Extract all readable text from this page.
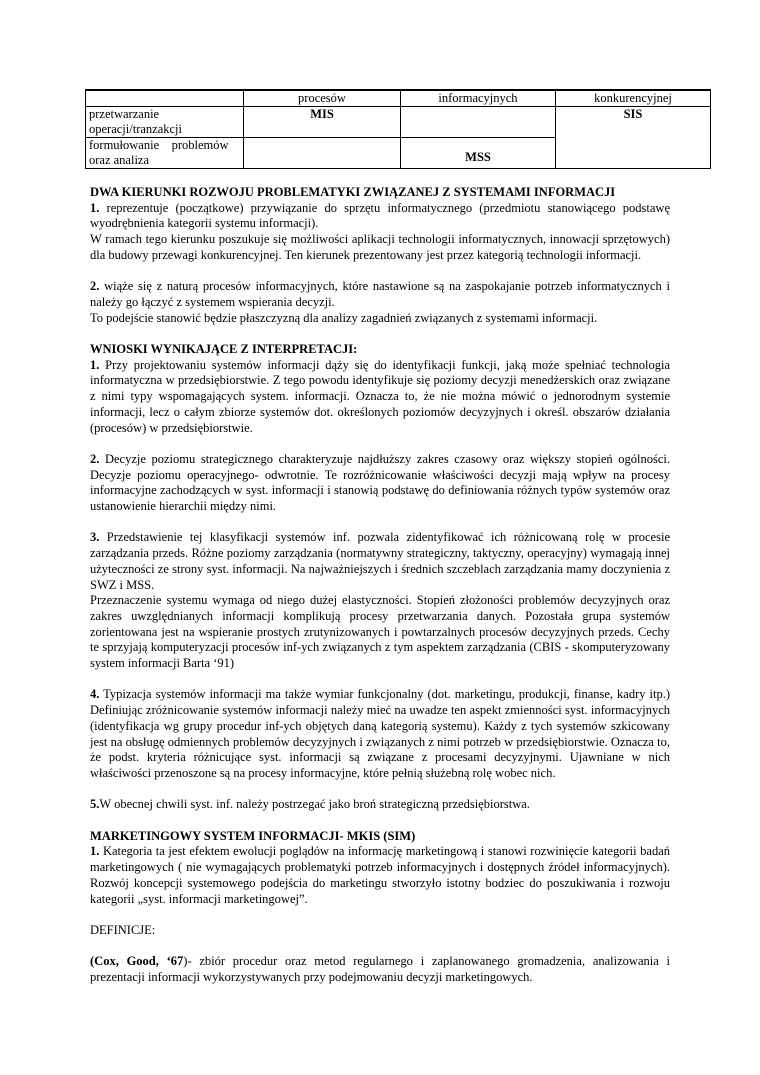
	procesów	informacyjnych	konkurencyjnej

przetwarzanie
operacji/tranzakcji	MIS		SIS

formułowanie    problemów
oraz analiza		MSS	

DWA KIERUNKI ROZWOJU PROBLEMATYKI ZWIĄZANEJ Z SYSTEMAMI INFORMACJI

1. reprezentuje (początkowe) przywiązanie do sprzętu informatycznego (przedmiotu stanowiącego podstawę wyodrębnienia kategorii systemu informacji).

W ramach tego kierunku poszukuje się możliwości aplikacji technologii informatycznych, innowacji sprzętowych) dla budowy przewagi konkurencyjnej. Ten kierunek prezentowany jest przez kategorią technologii informacji.

2. wiąże się z naturą procesów informacyjnych, które nastawione są na zaspokajanie potrzeb informatycznych i należy go łączyć z systemem wspierania decyzji.

To podejście stanowić będzie płaszczyzną dla analizy zagadnień związanych z systemami informacji.

WNIOSKI WYNIKAJĄCE Z INTERPRETACJI:

1. Przy projektowaniu systemów informacji dąży się do identyfikacji funkcji, jaką może spełniać technologia informatyczna w przedsiębiorstwie. Z tego powodu identyfikuje się poziomy decyzji menedżerskich oraz związane z nimi typy wspomagających system. informacji. Oznacza to, że nie można mówić o jednorodnym systemie informacji, lecz o całym zbiorze systemów dot. określonych poziomów decyzyjnych i określ. obszarów działania (procesów) w przedsiębiorstwie.

2. Decyzje poziomu strategicznego charakteryzuje najdłuższy zakres czasowy oraz większy stopień ogólności. Decyzje poziomu operacyjnego- odwrotnie. Te rozróżnicowanie właściwości decyzji mają wpływ na procesy informacyjne zachodzących w syst. informacji i stanowią podstawę do definiowania różnych typów systemów oraz ustanowienie hierarchii między nimi.

3. Przedstawienie tej klasyfikacji systemów inf. pozwala zidentyfikować ich różnicowaną rolę w procesie zarządzania przeds. Różne poziomy zarządzania (normatywny strategiczny, taktyczny, operacyjny) wymagają innej użyteczności ze strony syst. informacji. Na najważniejszych i średnich szczeblach zarządzania mamy doczynienia z SWZ i MSS.

Przeznaczenie systemu wymaga od niego dużej elastyczności. Stopień złożoności problemów decyzyjnych oraz zakres uwzględnianych informacji komplikują procesy przetwarzania danych. Pozostała grupa systemów zorientowana jest na wspieranie prostych zrutynizowanych i powtarzalnych procesów decyzyjnych przeds. Cechy te sprzyjają komputeryzacji procesów inf-ych związanych z tym aspektem zarządzania (CBIS - skomputeryzowany system informacji Barta ‘91)

4. Typizacja systemów informacji ma także wymiar funkcjonalny (dot. marketingu, produkcji, finanse, kadry itp.) Definiując zróżnicowanie systemów informacji należy mieć na uwadze ten aspekt zmienności syst. informacyjnych (identyfikacja wg grupy procedur inf-ych objętych daną kategorią systemu). Każdy z tych systemów szkicowany jest na obsługę odmiennych problemów decyzyjnych i związanych z nimi potrzeb w przedsiębiorstwie. Oznacza to, że podst. kryteria różnicujące syst. informacji są związane z procesami decyzyjnymi. Ujawniane w nich właściwości przenoszone są na procesy informacyjne, które pełnią służebną rolę wobec nich.

5.W obecnej chwili syst. inf. należy postrzegać jako broń strategiczną przedsiębiorstwa.

MARKETINGOWY SYSTEM INFORMACJI- MKIS (SIM)

1. Kategoria ta jest efektem ewolucji poglądów na informację marketingową i stanowi rozwinięcie kategorii badań marketingowych ( nie wymagających problematyki potrzeb informacyjnych i dostępnych źródeł informacyjnych). Rozwój koncepcji systemowego podejścia do marketingu stworzyło istotny bodziec do poszukiwania i rozwoju kategorii „syst. informacji marketingowej”.

DEFINICJE:

(Cox, Good, ‘67)- zbiór procedur oraz metod regularnego i zaplanowanego gromadzenia, analizowania i prezentacji informacji wykorzystywanych przy podejmowaniu decyzji marketingowych.
